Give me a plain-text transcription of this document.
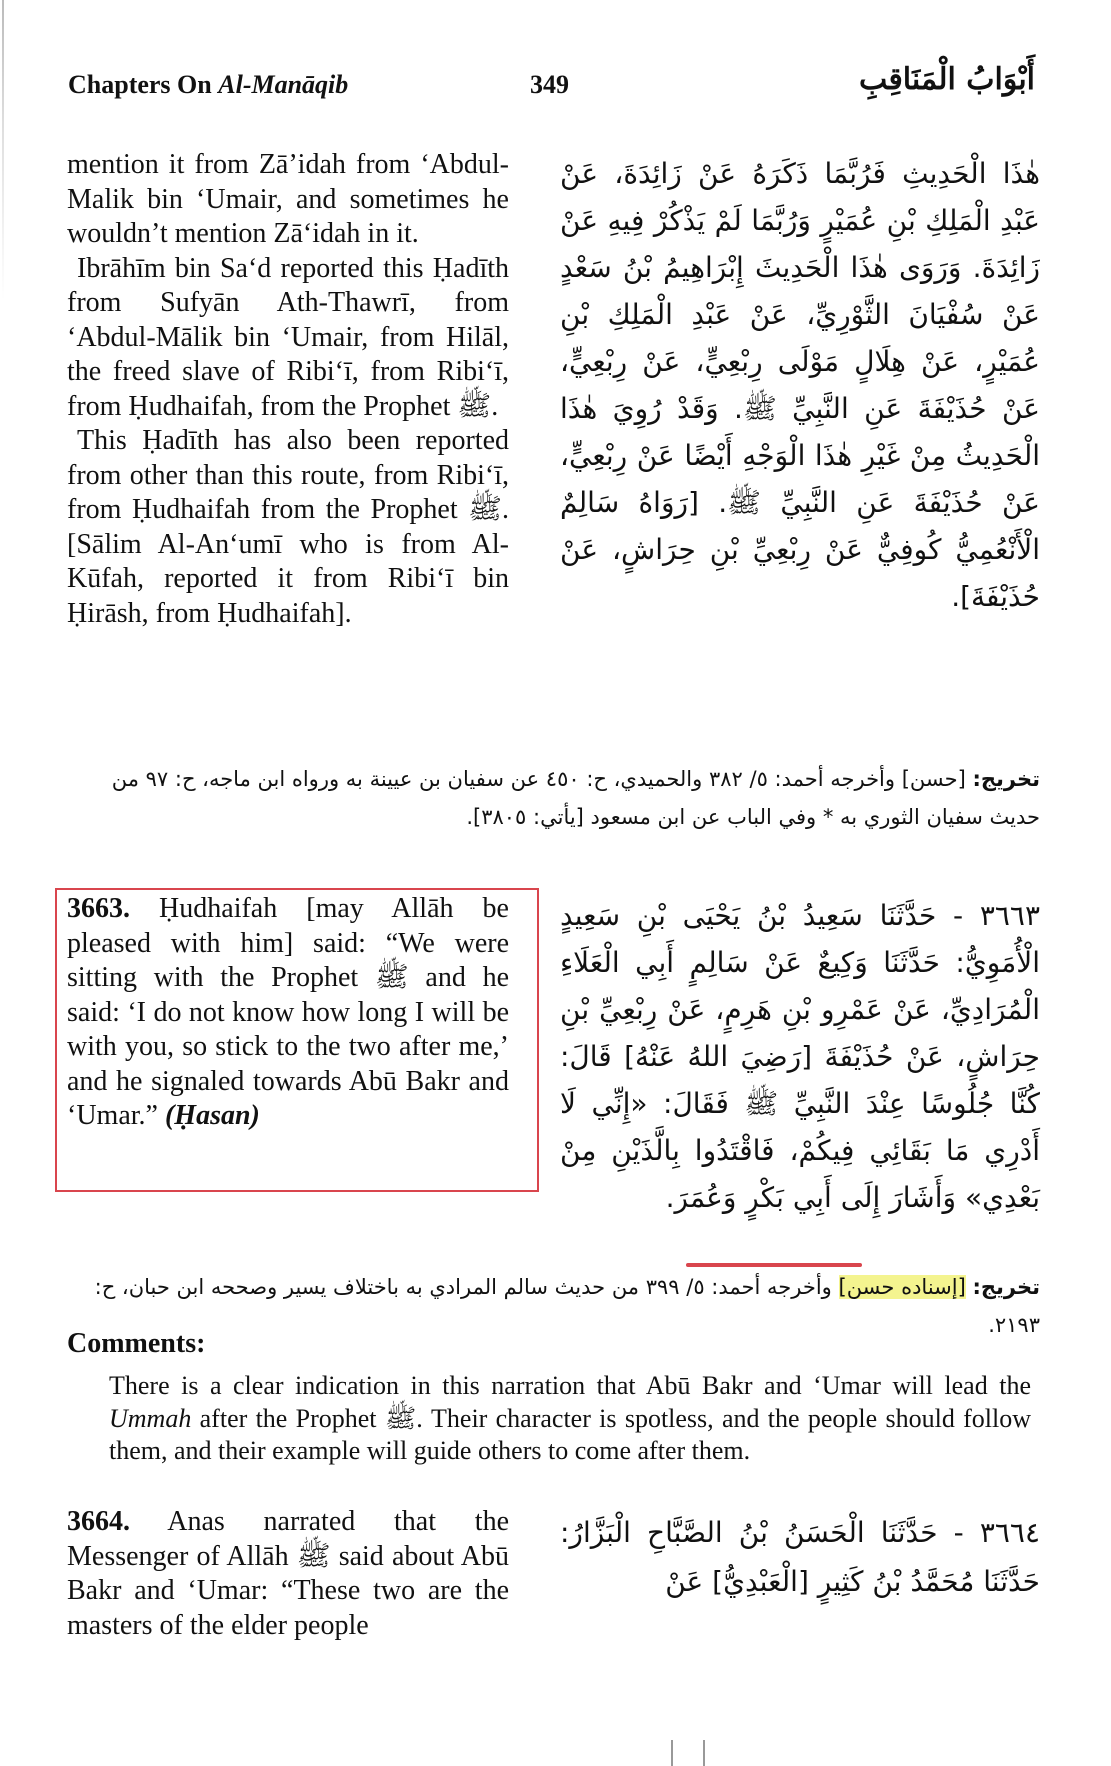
Chapters On Al-Manāqib	349	أَبْوَابُ الْمَنَاقِبِ

mention it from Zā’idah from ‘Abdul-Malik bin ‘Umair, and sometimes he wouldn’t mention Zā‘idah in it.

Ibrāhīm bin Sa‘d reported this Ḥadīth from Sufyān Ath-Thawrī, from ‘Abdul-Mālik bin ‘Umair, from Hilāl, the freed slave of Ribi‘ī, from Ribi‘ī, from Ḥudhaifah, from the Prophet ﷺ.

This Ḥadīth has also been reported from other than this route, from Ribi‘ī, from Ḥudhaifah from the Prophet ﷺ. [Sālim Al-An‘umī who is from Al-Kūfah, reported it from Ribi‘ī bin Ḥirāsh, from Ḥudhaifah].

هٰذَا الْحَدِيثِ فَرُبَّمَا ذَكَرَهُ عَنْ زَائِدَةَ، عَنْ عَبْدِ الْمَلِكِ بْنِ عُمَيْرٍ وَرُبَّمَا لَمْ يَذْكُرْ فِيهِ عَنْ زَائِدَةَ. وَرَوَى هٰذَا الْحَدِيثَ إِبْرَاهِيمُ بْنُ سَعْدٍ عَنْ سُفْيَانَ الثَّوْرِيِّ، عَنْ عَبْدِ الْمَلِكِ بْنِ عُمَيْرٍ، عَنْ هِلَالٍ مَوْلَى رِبْعِيٍّ، عَنْ رِبْعِيٍّ، عَنْ حُذَيْفَةَ عَنِ النَّبِيِّ ﷺ. وَقَدْ رُوِيَ هٰذَا الْحَدِيثُ مِنْ غَيْرِ هٰذَا الْوَجْهِ أَيْضًا عَنْ رِبْعِيٍّ، عَنْ حُذَيْفَةَ عَنِ النَّبِيِّ ﷺ. [رَوَاهُ سَالِمٌ الْأَنْعُمِيُّ كُوفِيٌّ عَنْ رِبْعِيِّ بْنِ حِرَاشٍ، عَنْ حُذَيْفَةَ].

تخريج: [حسن] وأخرجه أحمد: ٥/ ٣٨٢ والحميدي، ح: ٤٥٠ عن سفيان بن عيينة به ورواه ابن ماجه، ح: ٩٧ من حديث سفيان الثوري به * وفي الباب عن ابن مسعود [يأتي: ٣٨٠٥].

3663. Ḥudhaifah [may Allāh be pleased with him] said: “We were sitting with the Prophet ﷺ and he said: ‘I do not know how long I will be with you, so stick to the two after me,’ and he signaled towards Abū Bakr and ‘Umar.” (Ḥasan)

٣٦٦٣ - حَدَّثَنَا سَعِيدُ بْنُ يَحْيَى بْنِ سَعِيدٍ الْأُمَوِيُّ: حَدَّثَنَا وَكِيعٌ عَنْ سَالِمٍ أَبِي الْعَلَاءِ الْمُرَادِيِّ، عَنْ عَمْرِو بْنِ هَرِمٍ، عَنْ رِبْعِيِّ بْنِ حِرَاشٍ، عَنْ حُذَيْفَةَ [رَضِيَ اللهُ عَنْهُ] قَالَ: كُنَّا جُلُوسًا عِنْدَ النَّبِيِّ ﷺ فَقَالَ: «إِنِّي لَا أَدْرِي مَا بَقَائِي فِيكُمْ، فَاقْتَدُوا بِالَّذَيْنِ مِنْ بَعْدِي» وَأَشَارَ إِلَى أَبِي بَكْرٍ وَعُمَرَ.

تخريج: [إسناده حسن] وأخرجه أحمد: ٥/ ٣٩٩ من حديث سالم المرادي به باختلاف يسير وصححه ابن حبان، ح: ٢١٩٣.
Comments:
There is a clear indication in this narration that Abū Bakr and ‘Umar will lead the Ummah after the Prophet ﷺ. Their character is spotless, and the people should follow them, and their example will guide others to come after them.

3664. Anas narrated that the Messenger of Allāh ﷺ said about Abū Bakr and ‘Umar: “These two are the masters of the elder people

٣٦٦٤ - حَدَّثَنَا الْحَسَنُ بْنُ الصَّبَّاحِ الْبَزَّارُ: حَدَّثَنَا مُحَمَّدُ بْنُ كَثِيرٍ [الْعَبْدِيُّ] عَنْ
